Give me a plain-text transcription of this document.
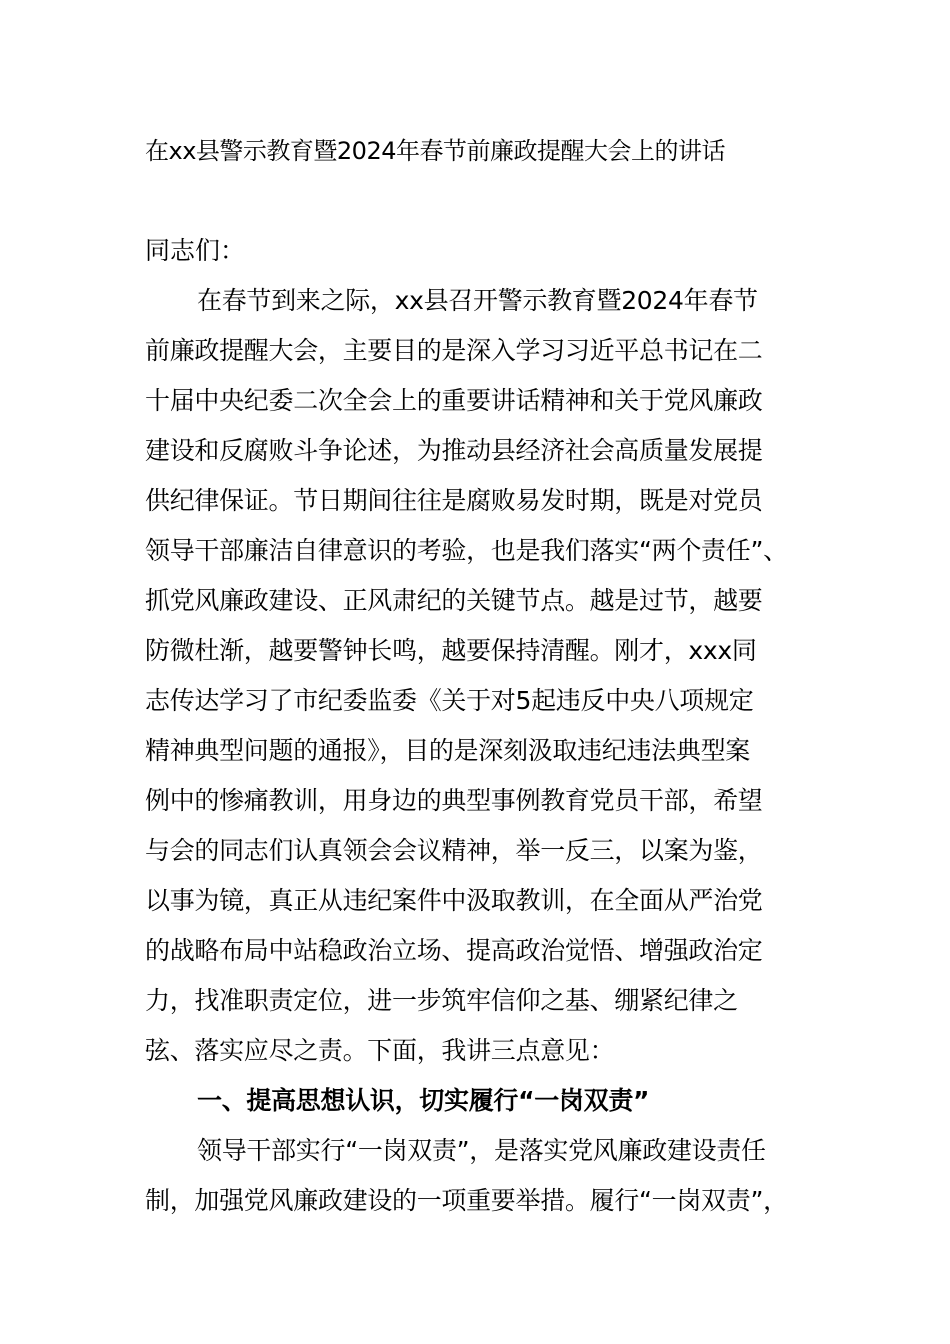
在xx县警示教育暨2024年春节前廉政提醒大会上的讲话
同志们：
在春节到来之际，xx县召开警示教育暨2024年春节
前廉政提醒大会，主要目的是深入学习习近平总书记在二
十届中央纪委二次全会上的重要讲话精神和关于党风廉政
建设和反腐败斗争论述，为推动县经济社会高质量发展提
供纪律保证。节日期间往往是腐败易发时期，既是对党员
领导干部廉洁自律意识的考验，也是我们落实“两个责任”、
抓党风廉政建设、正风肃纪的关键节点。越是过节，越要
防微杜渐，越要警钟长鸣，越要保持清醒。刚才，xxx同
志传达学习了市纪委监委《关于对5起违反中央八项规定
精神典型问题的通报》，目的是深刻汲取违纪违法典型案
例中的惨痛教训，用身边的典型事例教育党员干部，希望
与会的同志们认真领会会议精神，举一反三，以案为鉴，
以事为镜，真正从违纪案件中汲取教训，在全面从严治党
的战略布局中站稳政治立场、提高政治觉悟、增强政治定
力，找准职责定位，进一步筑牢信仰之基、绷紧纪律之
弦、落实应尽之责。下面，我讲三点意见：
一、提高思想认识，切实履行“一岗双责”
领导干部实行“一岗双责”，是落实党风廉政建设责任
制，加强党风廉政建设的一项重要举措。履行“一岗双责”，
